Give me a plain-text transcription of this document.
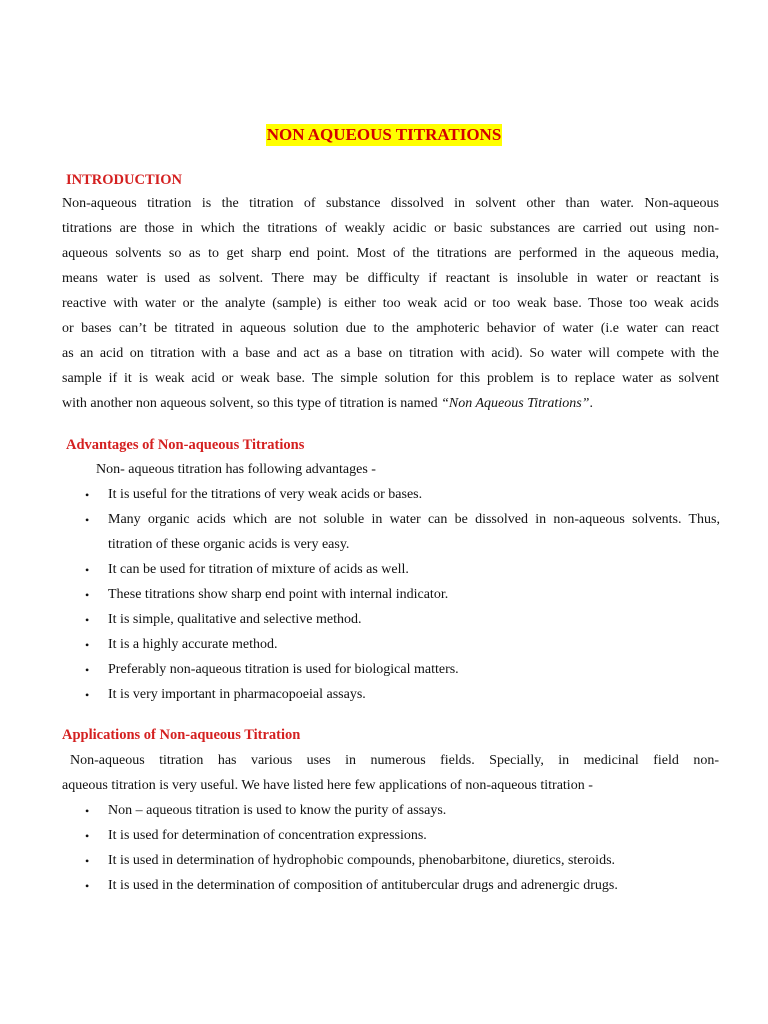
NON AQUEOUS TITRATIONS
INTRODUCTION
Non-aqueous titration is the titration of substance dissolved in solvent other than water. Non-aqueous
titrations are those in which the titrations of weakly acidic or basic substances are carried out using non-
aqueous solvents so as to get sharp end point. Most of the titrations are performed in the aqueous media,
means water is used as solvent. There may be difficulty if reactant is insoluble in water or reactant is
reactive with water or the analyte (sample) is either too weak acid or too weak base. Those too weak acids
or bases can’t be titrated in aqueous solution due to the amphoteric behavior of water (i.e water can react
as an acid on titration with a base and act as a base on titration with acid). So water will compete with the
sample if it is weak acid or weak base. The simple solution for this problem is to replace water as solvent
with another non aqueous solvent, so this type of titration is named “Non Aqueous Titrations”.
Advantages of Non-aqueous Titrations
Non- aqueous titration has following advantages -
• It is useful for the titrations of very weak acids or bases.
• Many organic acids which are not soluble in water can be dissolved in non-aqueous solvents. Thus,
titration of these organic acids is very easy.
• It can be used for titration of mixture of acids as well.
• These titrations show sharp end point with internal indicator.
• It is simple, qualitative and selective method.
• It is a highly accurate method.
• Preferably non-aqueous titration is used for biological matters.
• It is very important in pharmacopoeial assays.
Applications of Non-aqueous Titration
Non-aqueous titration has various uses in numerous fields. Specially, in medicinal field non-
aqueous titration is very useful. We have listed here few applications of non-aqueous titration -
• Non – aqueous titration is used to know the purity of assays.
• It is used for determination of concentration expressions.
• It is used in determination of hydrophobic compounds, phenobarbitone, diuretics, steroids.
• It is used in the determination of composition of antitubercular drugs and adrenergic drugs.
